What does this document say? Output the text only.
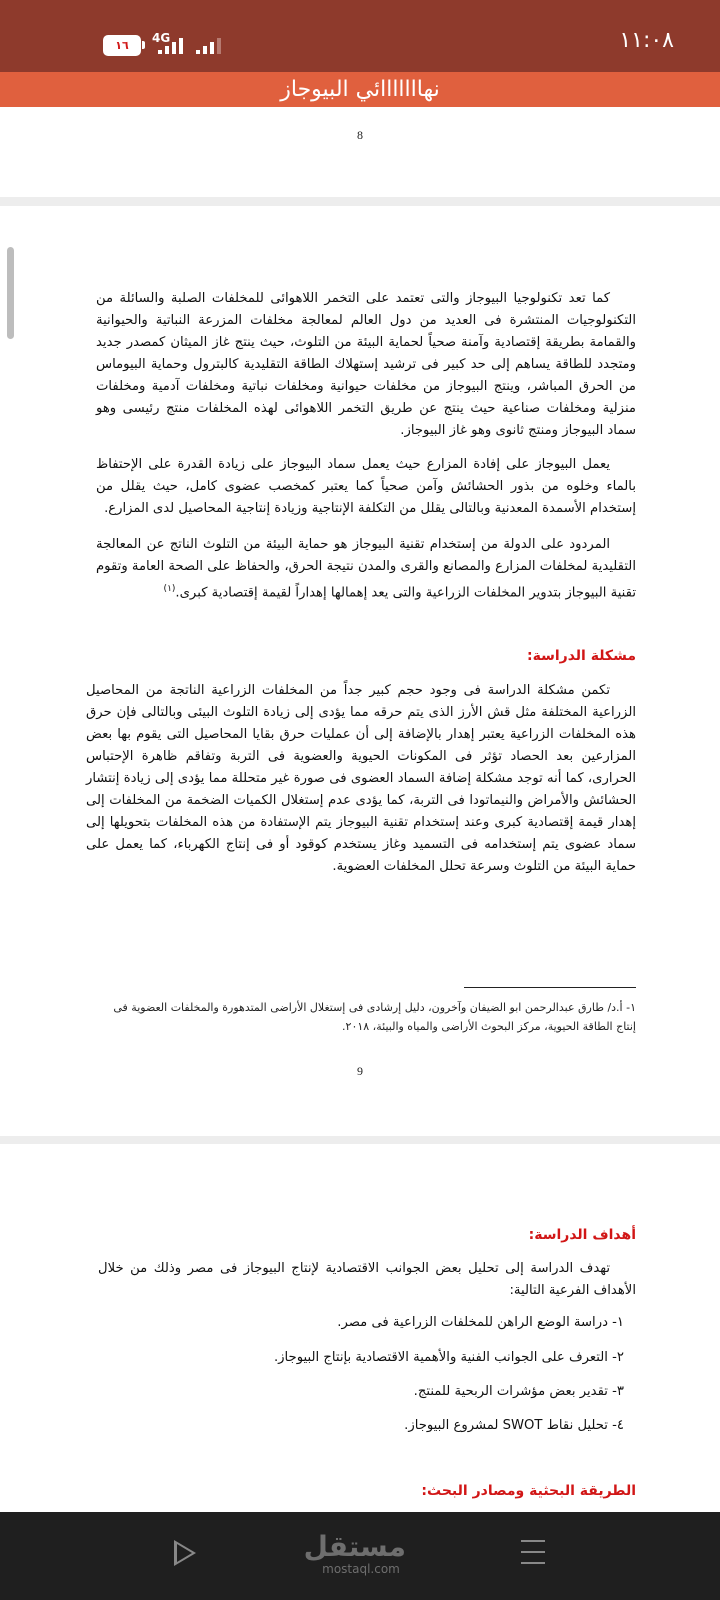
١٦
4G	١١:٠٨
نهااااااائي البيوجاز
8

كما تعد تكنولوجيا البيوجاز والتى تعتمد على التخمر اللاهوائى للمخلفات الصلبة والسائلة من التكنولوجيات المنتشرة فى العديد من دول العالم لمعالجة مخلفات المزرعة النباتية والحيوانية والقمامة بطريقة إقتصادية وآمنة صحياً لحماية البيئة من التلوث، حيث ينتج غاز الميثان كمصدر جديد ومتجدد للطاقة يساهم إلى حد كبير فى ترشيد إستهلاك الطاقة التقليدية كالبترول وحماية البيوماس من الحرق المباشر، وينتج البيوجاز من مخلفات حيوانية ومخلفات نباتية ومخلفات آدمية ومخلفات منزلية ومخلفات صناعية حيث ينتج عن طريق التخمر اللاهوائى لهذه المخلفات منتج رئيسى وهو سماد البيوجاز ومنتج ثانوى وهو غاز البيوجاز.

يعمل البيوجاز على إفادة المزارع حيث يعمل سماد البيوجاز على زيادة القدرة على الإحتفاظ بالماء وخلوه من بذور الحشائش وآمن صحياً كما يعتبر كمخصب عضوى كامل، حيث يقلل من إستخدام الأسمدة المعدنية وبالتالى يقلل من التكلفة الإنتاجية وزيادة إنتاجية المحاصيل لدى المزارع.

المردود على الدولة من إستخدام تقنية البيوجاز هو حماية البيئة من التلوث الناتج عن المعالجة التقليدية لمخلفات المزارع والمصانع والقرى والمدن نتيجة الحرق، والحفاظ على الصحة العامة وتقوم تقنية البيوجاز بتدوير المخلفات الزراعية والتى يعد إهمالها إهداراً لقيمة إقتصادية كبرى.$^{(١)}$

مشكلة الدراسة:

تكمن مشكلة الدراسة فى وجود حجم كبير جداً من المخلفات الزراعية الناتجة من المحاصيل الزراعية المختلفة مثل قش الأرز الذى يتم حرقه مما يؤدى إلى زيادة التلوث البيئى وبالتالى فإن حرق هذه المخلفات الزراعية يعتبر إهدار بالإضافة إلى أن عمليات حرق بقايا المحاصيل التى يقوم بها بعض المزارعين بعد الحصاد تؤثر فى المكونات الحيوية والعضوية فى التربة وتفاقم ظاهرة الإحتباس الحرارى، كما أنه توجد مشكلة إضافة السماد العضوى فى صورة غير متحللة مما يؤدى إلى زيادة إنتشار الحشائش والأمراض والنيماتودا فى التربة، كما يؤدى عدم إستغلال الكميات الضخمة من المخلفات إلى إهدار قيمة إقتصادية كبرى وعند إستخدام تقنية البيوجاز يتم الإستفادة من هذه المخلفات بتحويلها إلى سماد عضوى يتم إستخدامه فى التسميد وغاز يستخدم كوقود أو فى إنتاج الكهرباء، كما يعمل على حماية البيئة من التلوث وسرعة تحلل المخلفات العضوية.

١- أ.د/ طارق عبدالرحمن ابو الضيفان وآخرون، دليل إرشادى فى إستغلال الأراضى المتدهورة والمخلفات العضوية فى إنتاج الطاقة الحيوية، مركز البحوث الأراضى والمياه والبيئة، ٢٠١٨.
9
أهداف الدراسة:

تهدف الدراسة إلى تحليل بعض الجوانب الاقتصادية لإنتاج البيوجاز فى مصر وذلك من خلال الأهداف الفرعية التالية:

١- دراسة الوضع الراهن للمخلفات الزراعية فى مصر.
٢- التعرف على الجوانب الفنية والأهمية الاقتصادية بإنتاج البيوجاز.
٣- تقدير بعض مؤشرات الربحية للمنتج.
٤- تحليل نقاط SWOT لمشروع البيوجاز.
الطريقة البحثية ومصادر البحث:
مستقل
mostaql.com
